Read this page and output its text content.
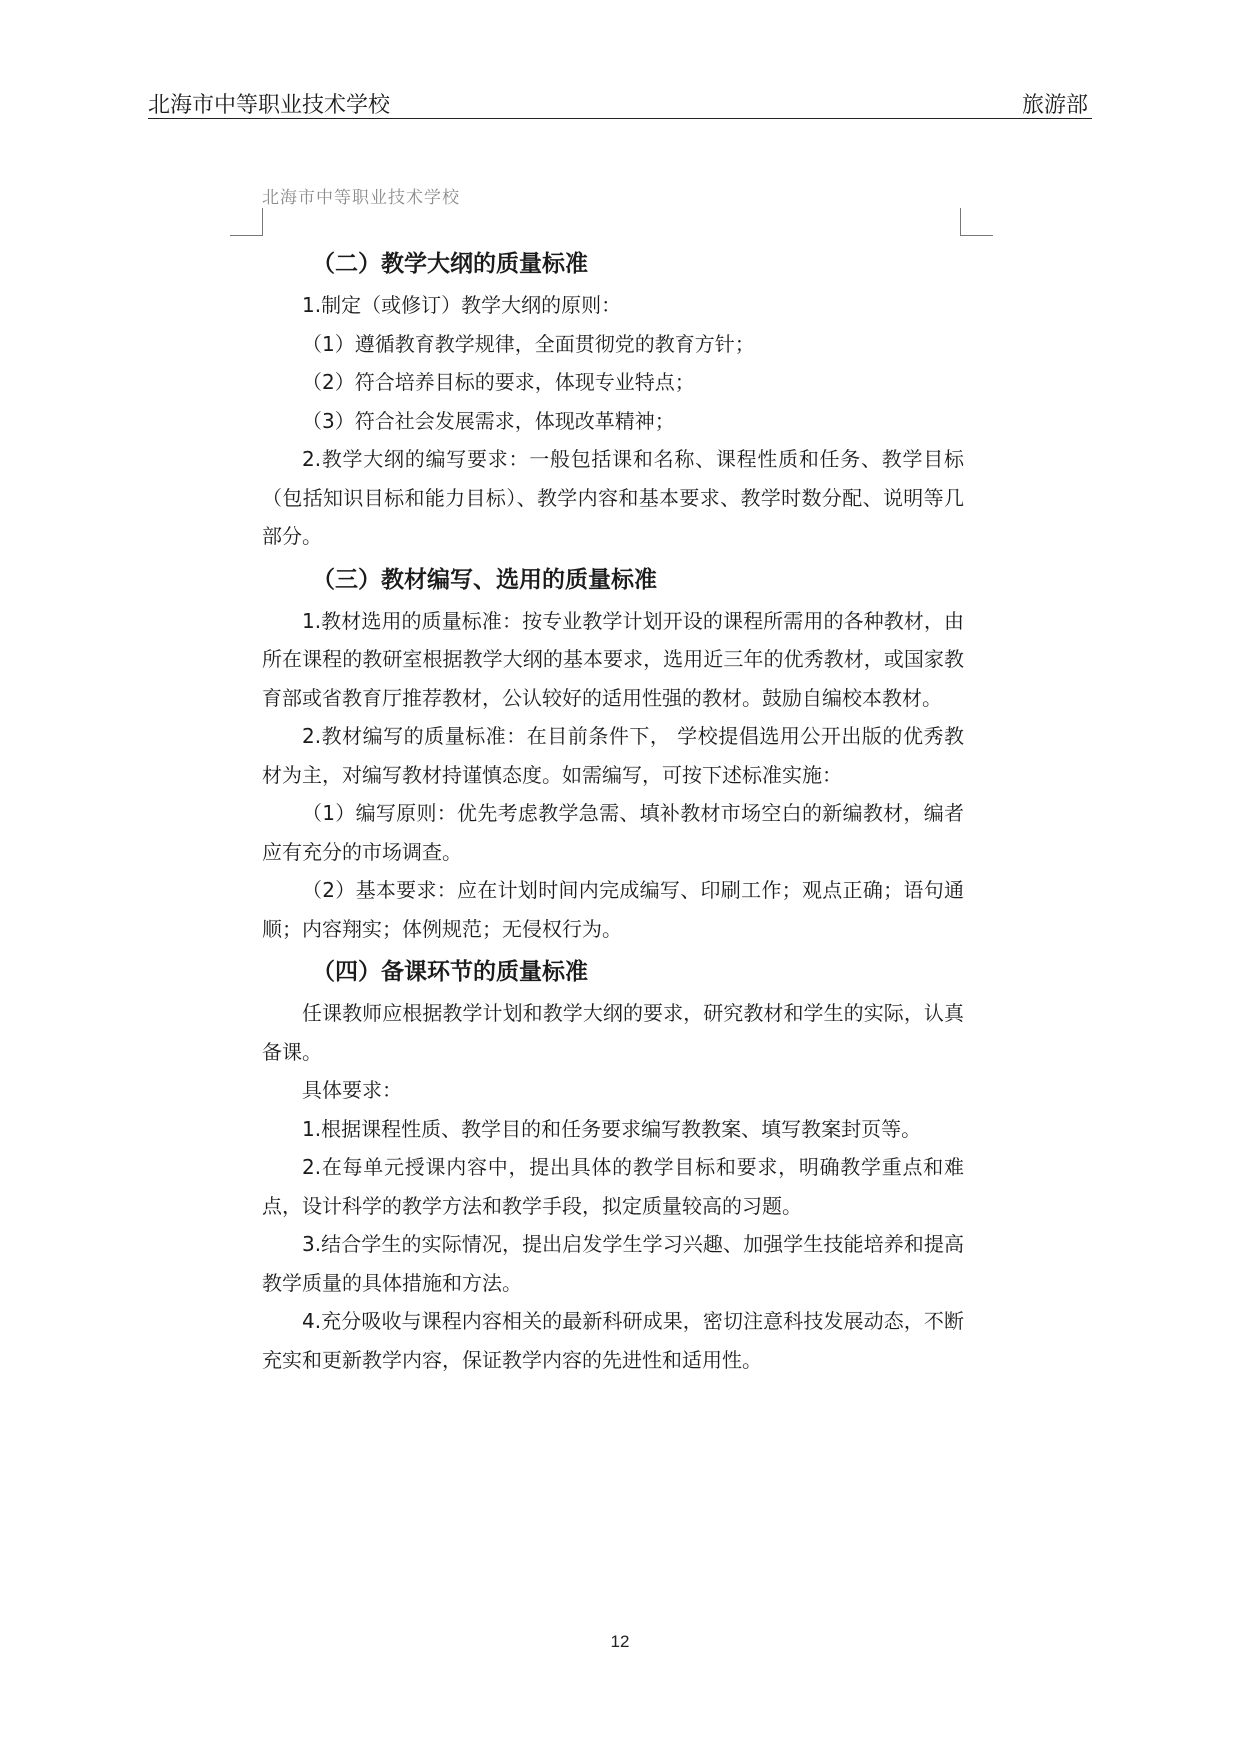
北海市中等职业技术学校	旅游部
北海市中等职业技术学校
（二）教学大纲的质量标准
1.制定（或修订）教学大纲的原则：
（1）遵循教育教学规律，全面贯彻党的教育方针；
（2）符合培养目标的要求，体现专业特点；
（3）符合社会发展需求，体现改革精神；
2.教学大纲的编写要求：一般包括课和名称、课程性质和任务、教学目标（包括知识目标和能力目标）、教学内容和基本要求、教学时数分配、说明等几部分。
（三）教材编写、选用的质量标准
1.教材选用的质量标准：按专业教学计划开设的课程所需用的各种教材，由所在课程的教研室根据教学大纲的基本要求，选用近三年的优秀教材，或国家教育部或省教育厅推荐教材，公认较好的适用性强的教材。鼓励自编校本教材。
2.教材编写的质量标准：在目前条件下， 学校提倡选用公开出版的优秀教材为主，对编写教材持谨慎态度。如需编写，可按下述标准实施：
（1）编写原则：优先考虑教学急需、填补教材市场空白的新编教材，编者应有充分的市场调查。
（2）基本要求：应在计划时间内完成编写、印刷工作；观点正确；语句通顺；内容翔实；体例规范；无侵权行为。
（四）备课环节的质量标准
任课教师应根据教学计划和教学大纲的要求，研究教材和学生的实际，认真备课。
具体要求：
1.根据课程性质、教学目的和任务要求编写教教案、填写教案封页等。
2.在每单元授课内容中，提出具体的教学目标和要求，明确教学重点和难点，设计科学的教学方法和教学手段，拟定质量较高的习题。
3.结合学生的实际情况，提出启发学生学习兴趣、加强学生技能培养和提高教学质量的具体措施和方法。
4.充分吸收与课程内容相关的最新科研成果，密切注意科技发展动态，不断充实和更新教学内容，保证教学内容的先进性和适用性。
12
